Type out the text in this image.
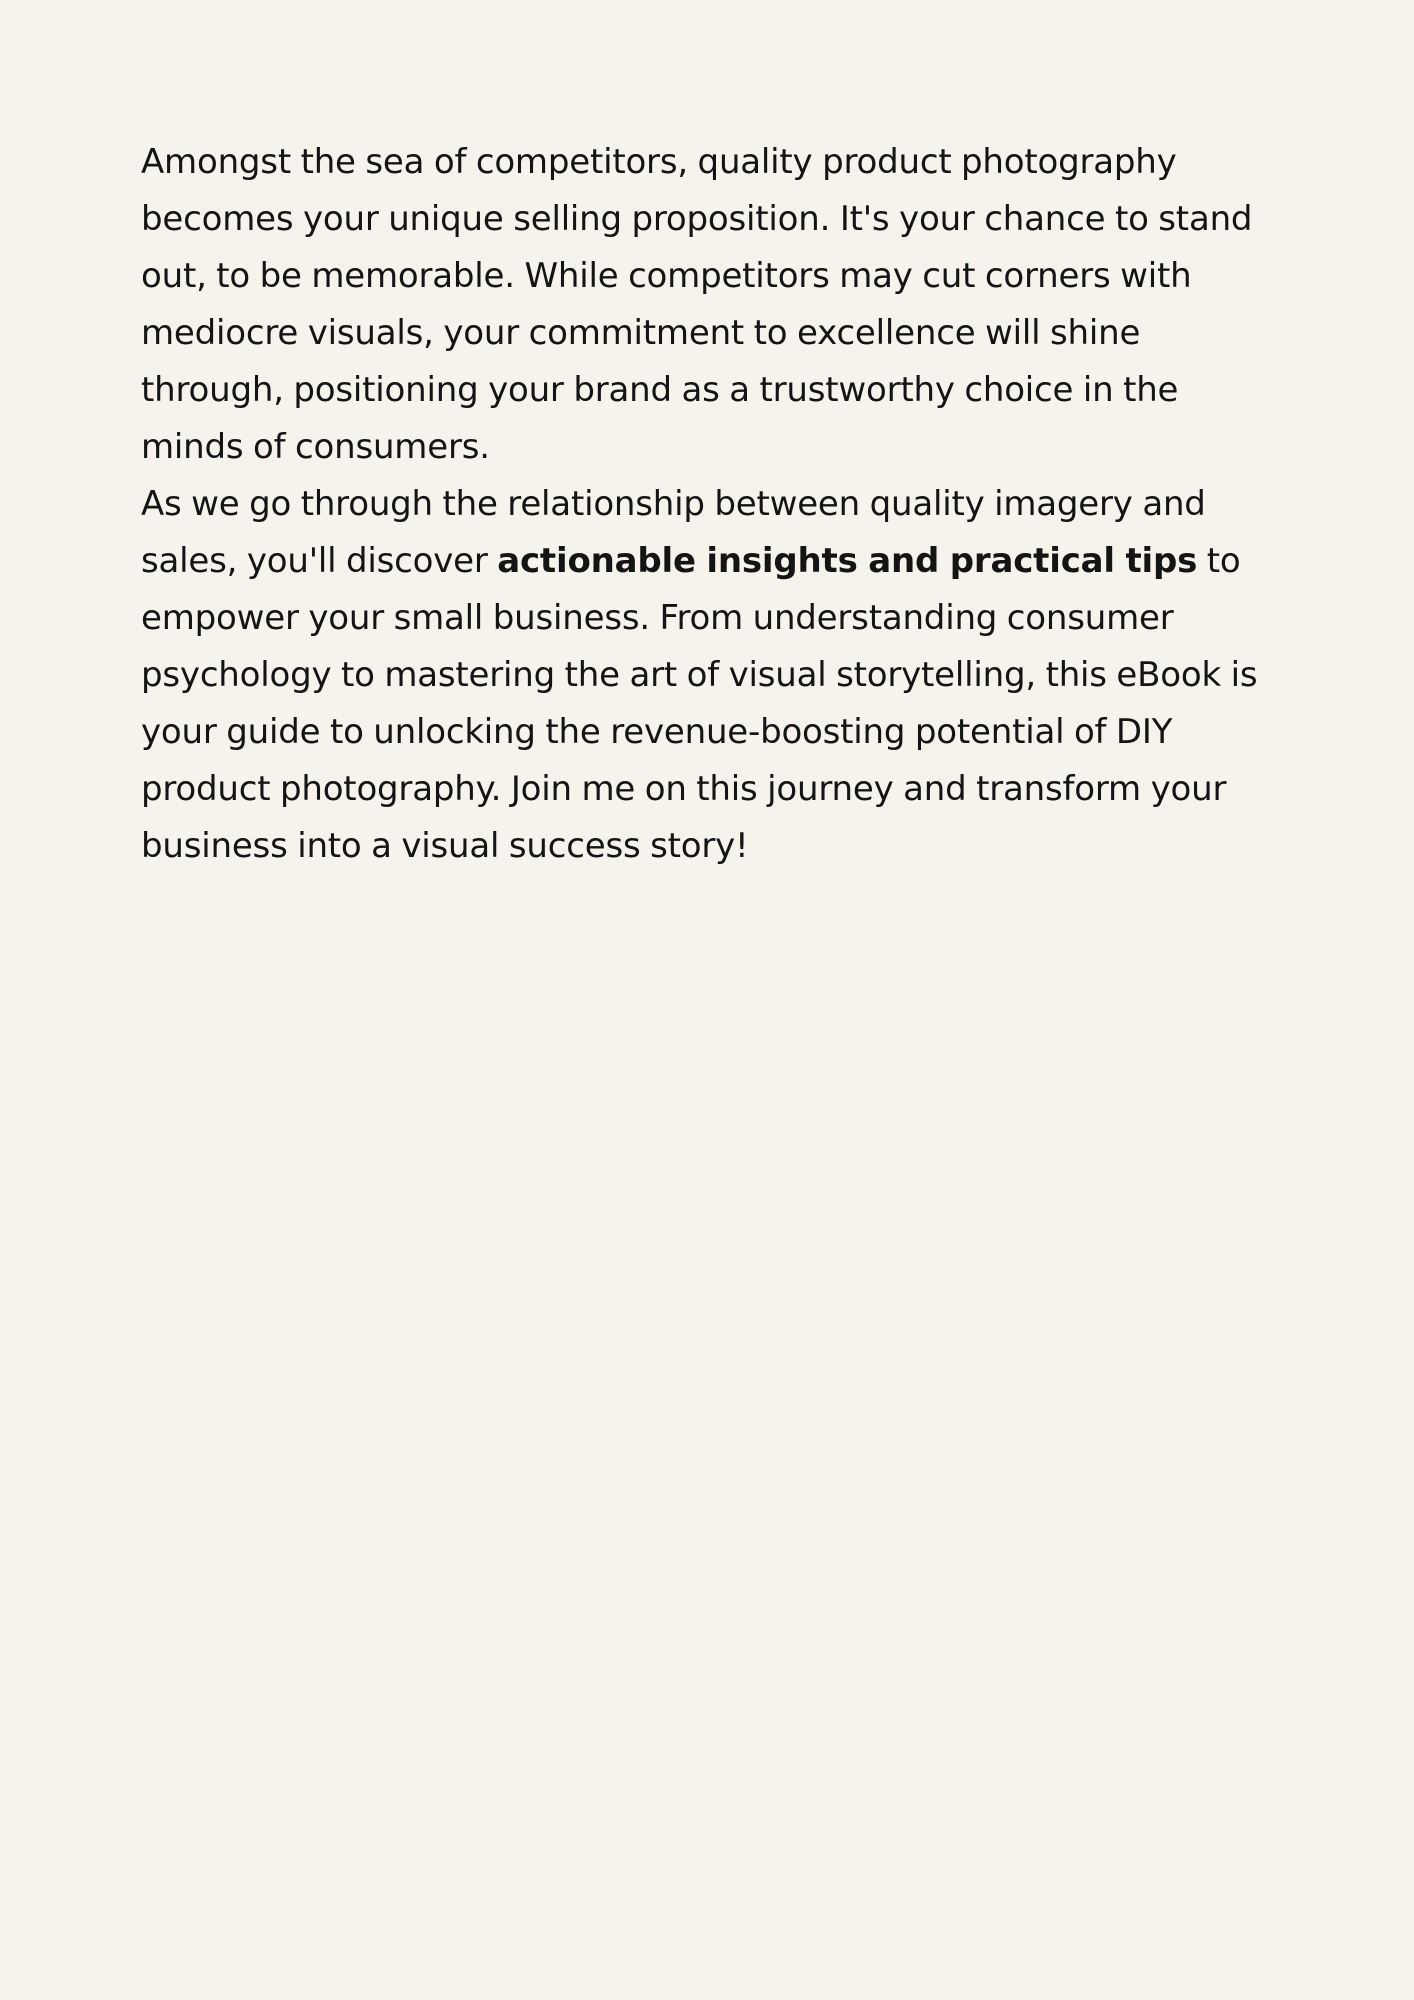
Amongst the sea of competitors, quality product photography becomes your unique selling proposition. It's your chance to stand out, to be memorable. While competitors may cut corners with mediocre visuals, your commitment to excellence will shine through, positioning your brand as a trustworthy choice in the minds of consumers.

As we go through the relationship between quality imagery and sales, you'll discover actionable insights and practical tips to empower your small business. From understanding consumer psychology to mastering the art of visual storytelling, this eBook is your guide to unlocking the revenue-boosting potential of DIY product photography. Join me on this journey and transform your business into a visual success story!
